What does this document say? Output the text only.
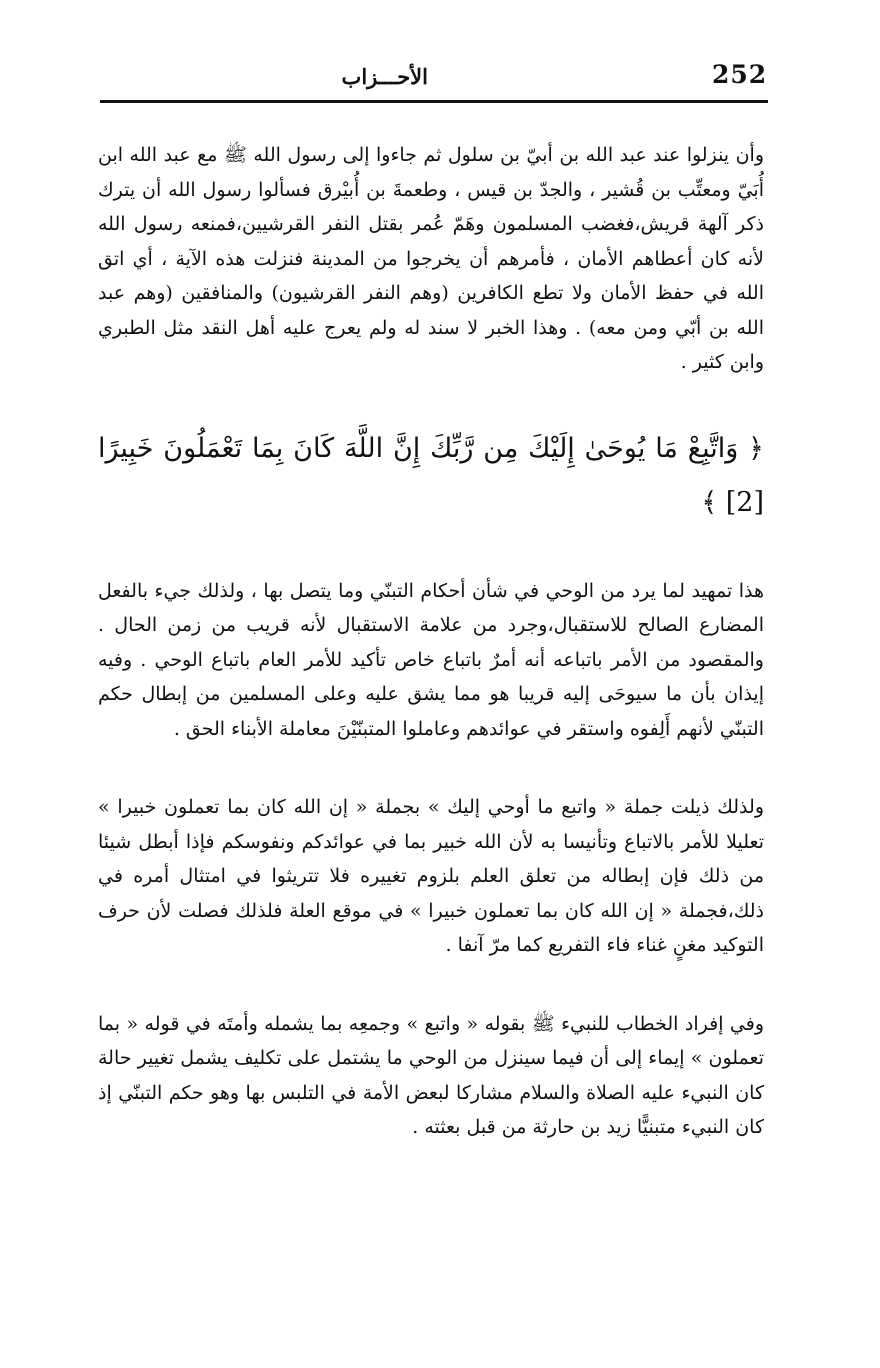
252
الأحـــزاب

وأن ينزلوا عند عبد الله بن أبيّ بن سلول ثم جاءوا إلى رسول الله ﷺ مع عبد الله ابن أُبَيّ ومعتِّب بن قُشير ، والجدّ بن قيس ، وطعمةَ بن أُبيْرق فسألوا رسول الله أن يترك ذكر آلهة قريش،فغضب المسلمون وهَمّ عُمر بقتل النفر القرشيين،فمنعه رسول الله لأنه كان أعطاهم الأمان ، فأمرهم أن يخرجوا من المدينة فنزلت هذه الآية ، أي اتق الله في حفظ الأمان ولا تطع الكافرين (وهم النفر القرشيون) والمنافقين (وهم عبد الله بن أبّي ومن معه) . وهذا الخبر لا سند له ولم يعرج عليه أهل النقد مثل الطبري وابن كثير .

﴿ وَاتَّبِعْ مَا يُوحَىٰ إِلَيْكَ مِن رَّبِّكَ إِنَّ اللَّهَ كَانَ بِمَا تَعْمَلُونَ خَبِيرًا [2] ﴾

هذا تمهيد لما يرد من الوحي في شأن أحكام التبنّي وما يتصل بها ، ولذلك جيء بالفعل المضارع الصالح للاستقبال،وجرد من علامة الاستقبال لأنه قريب من زمن الحال . والمقصود من الأمر باتباعه أنه أمرٌ باتباع خاص تأكيد للأمر العام باتباع الوحي . وفيه إيذان بأن ما سيوحَى إليه قريبا هو مما يشق عليه وعلى المسلمين من إبطال حكم التبنّي لأنهم أَلِفوه واستقر في عوائدهم وعاملوا المتبنّيْنَ معاملة الأبناء الحق .

ولذلك ذيلت جملة « واتبع ما أوحي إليك » بجملة « إن الله كان بما تعملون خبيرا » تعليلا للأمر بالاتباع وتأنيسا به لأن الله خبير بما في عوائدكم ونفوسكم فإذا أبطل شيئا من ذلك فإن إبطاله من تعلق العلم بلزوم تغييره فلا تتريثوا في امتثال أمره في ذلك،فجملة « إن الله كان بما تعملون خبيرا » في موقع العلة فلذلك فصلت لأن حرف التوكيد مغنٍ غناء فاء التفريع كما مرّ آنفا .

وفي إفراد الخطاب للنبيء ﷺ بقوله « واتبع » وجمعِه بما يشمله وأمتَه في قوله « بما تعملون » إيماء إلى أن فيما سينزل من الوحي ما يشتمل على تكليف يشمل تغيير حالة كان النبيء عليه الصلاة والسلام مشاركا لبعض الأمة في التلبس بها وهو حكم التبنّي إذ كان النبيء متبنيًّا زيد بن حارثة من قبل بعثته .
